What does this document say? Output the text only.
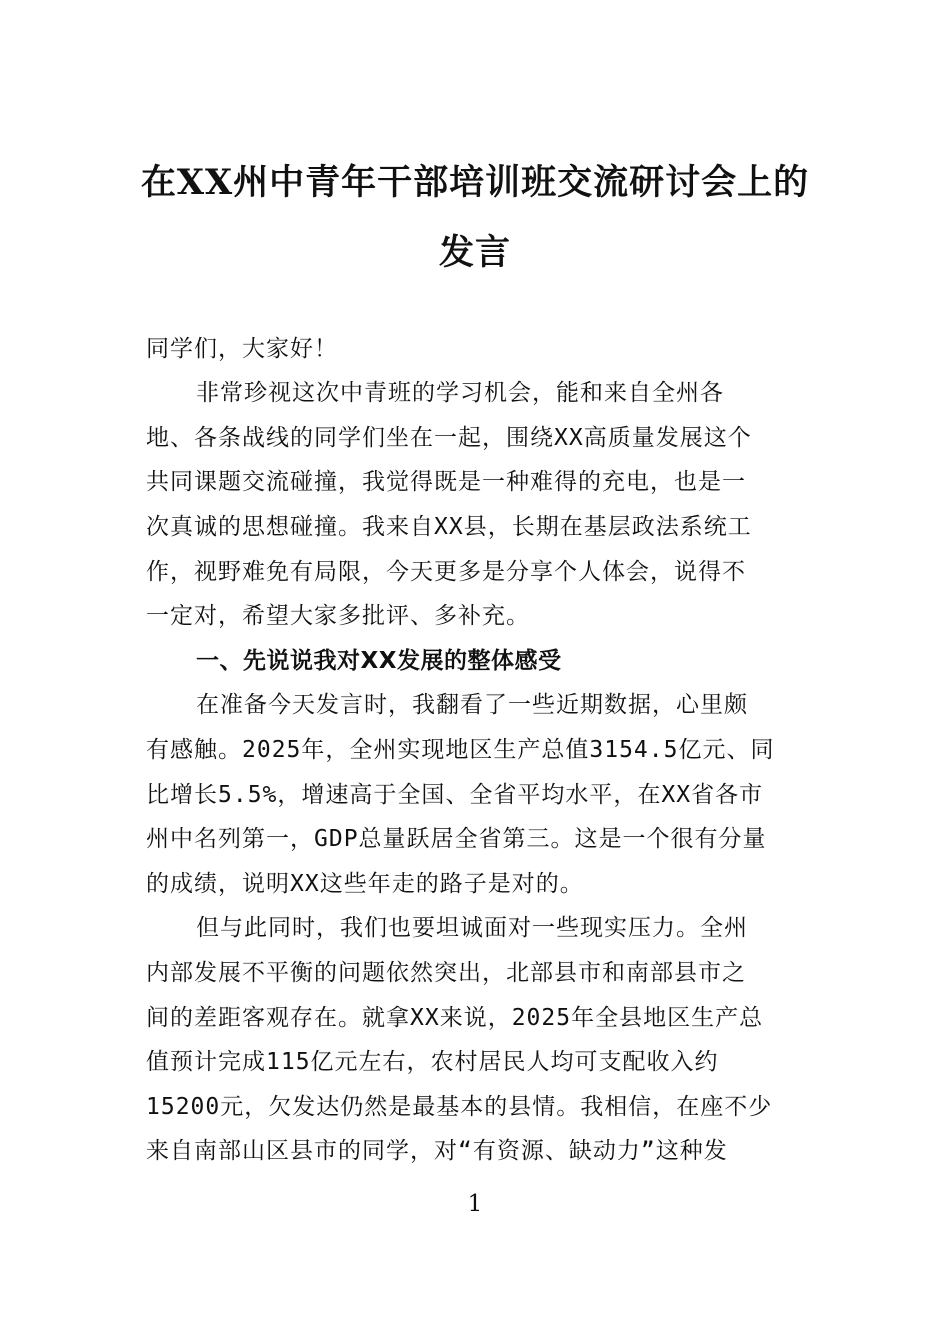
在XX州中青年干部培训班交流研讨会上的
发言
同学们，大家好！
非常珍视这次中青班的学习机会，能和来自全州各
地、各条战线的同学们坐在一起，围绕XX高质量发展这个
共同课题交流碰撞，我觉得既是一种难得的充电，也是一
次真诚的思想碰撞。我来自XX县，长期在基层政法系统工
作，视野难免有局限，今天更多是分享个人体会，说得不
一定对，希望大家多批评、多补充。
一、先说说我对XX发展的整体感受
在准备今天发言时，我翻看了一些近期数据，心里颇
有感触。2025年，全州实现地区生产总值3154.5亿元、同
比增长5.5%，增速高于全国、全省平均水平，在XX省各市
州中名列第一，GDP总量跃居全省第三。这是一个很有分量
的成绩，说明XX这些年走的路子是对的。
但与此同时，我们也要坦诚面对一些现实压力。全州
内部发展不平衡的问题依然突出，北部县市和南部县市之
间的差距客观存在。就拿XX来说，2025年全县地区生产总
值预计完成115亿元左右，农村居民人均可支配收入约
15200元，欠发达仍然是最基本的县情。我相信，在座不少
来自南部山区县市的同学，对“有资源、缺动力”这种发
1
